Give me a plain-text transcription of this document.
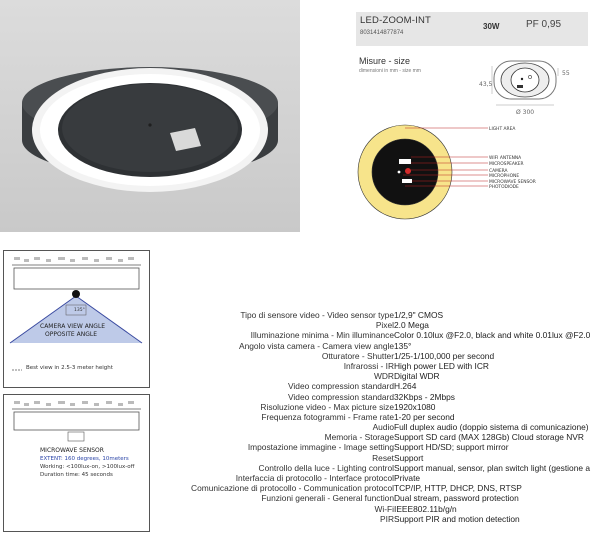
LED-ZOOM-INT
8031414877874
30W	PF 0,95
Misure - size
dimensioni in mm - size mm
43,5
55
Ø 300
LIGHT AREA
WIFI ANTENNA
MICROSPEAKER
CAMERA
MICROPHONE
MICROWAVE SENSOR
PHOTODIODE
135°
CAMERA VIEW ANGLE
OPPOSITE ANGLE
Best view in 2.5-3 meter height
MICROWAVE SENSOR
EXTENT: 160 degrees, 10meters
Working: <100lux-on, >100lux-off
Duration time: 45 seconds
Tipo di sensore video - Video sensor type 1/2,9" CMOS
Pixel 2.0 Mega
Illuminazione minima - Min illuminance Color 0.10lux @F2.0, black and white 0.01lux @F2.0
Angolo vista camera - Camera view angle 135°
Otturatore - Shutter 1/25-1/100,000 per second
Infrarossi - IR High power LED with ICR
WDR Digital WDR
Video compression standard H.264
Video compression standard 32Kbps - 2Mbps
Risoluzione video - Max picture size 1920x1080
Frequenza fotogrammi - Frame rate 1-20 per second
Audio Full duplex audio (doppio sistema di comunicazione)
Memoria - Storage Support SD card (MAX 128Gb) Cloud storage NVR
Impostazione immagine - Image setting Support HD/SD; support mirror
Reset Support
Controllo della luce - Lighting control Support manual, sensor, plan switch light (gestione a
Interfaccia di protocollo - Interface protocol Private
Comunicazione di protocollo - Communication protocol TCP/IP, HTTP, DHCP, DNS, RTSP
Funzioni generali - General function Dual stream, password protection
Wi-Fi IEEE802.11b/g/n
PIR Support PIR and motion detection
